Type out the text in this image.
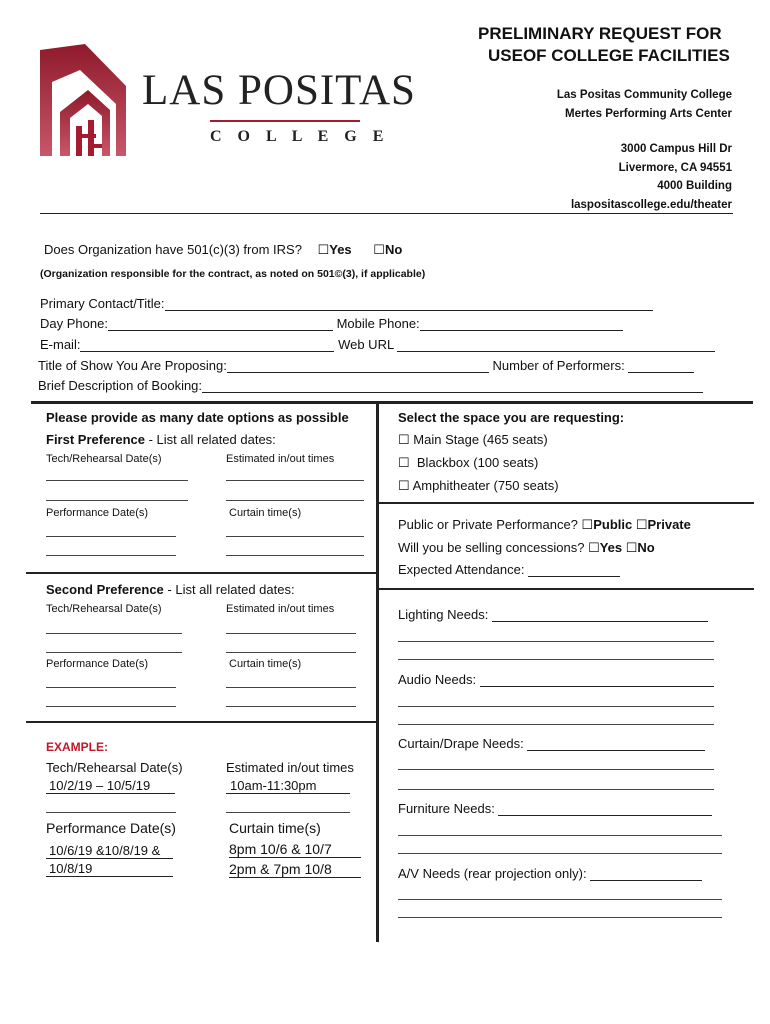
LAS POSITAS
C O L L E G E
PRELIMINARY REQUEST FOR
USEOF COLLEGE FACILITIES
Las Positas Community College
Mertes Performing Arts Center
3000 Campus Hill Dr
Livermore, CA 94551
4000 Building
laspositascollege.edu/theater
Does Organization have 501(c)(3) from IRS? ☐Yes ☐No
(Organization responsible for the contract, as noted on 501©(3), if applicable)
Primary Contact/Title:
Day Phone:	Mobile Phone:
E-mail:	Web URL
Title of Show You Are Proposing:	Number of Performers:
Brief Description of Booking:
Please provide as many date options as possible
First Preference - List all related dates:
Tech/Rehearsal Date(s)	Estimated in/out times
Performance Date(s)	Curtain time(s)
Second Preference - List all related dates:
Tech/Rehearsal Date(s)	Estimated in/out times
Performance Date(s)	Curtain time(s)
EXAMPLE:
Tech/Rehearsal Date(s)	Estimated in/out times
10/2/19 – 10/5/19	10am-11:30pm
Performance Date(s)	Curtain time(s)
10/6/19 &10/8/19 &	8pm 10/6 & 10/7
10/8/19	2pm & 7pm 10/8
Select the space you are requesting:
☐ Main Stage (465 seats)
☐ Blackbox (100 seats)
☐ Amphitheater (750 seats)
Public or Private Performance? ☐Public ☐Private
Will you be selling concessions? ☐Yes ☐No
Expected Attendance:
Lighting Needs:
Audio Needs:
Curtain/Drape Needs:
Furniture Needs:
A/V Needs (rear projection only):
